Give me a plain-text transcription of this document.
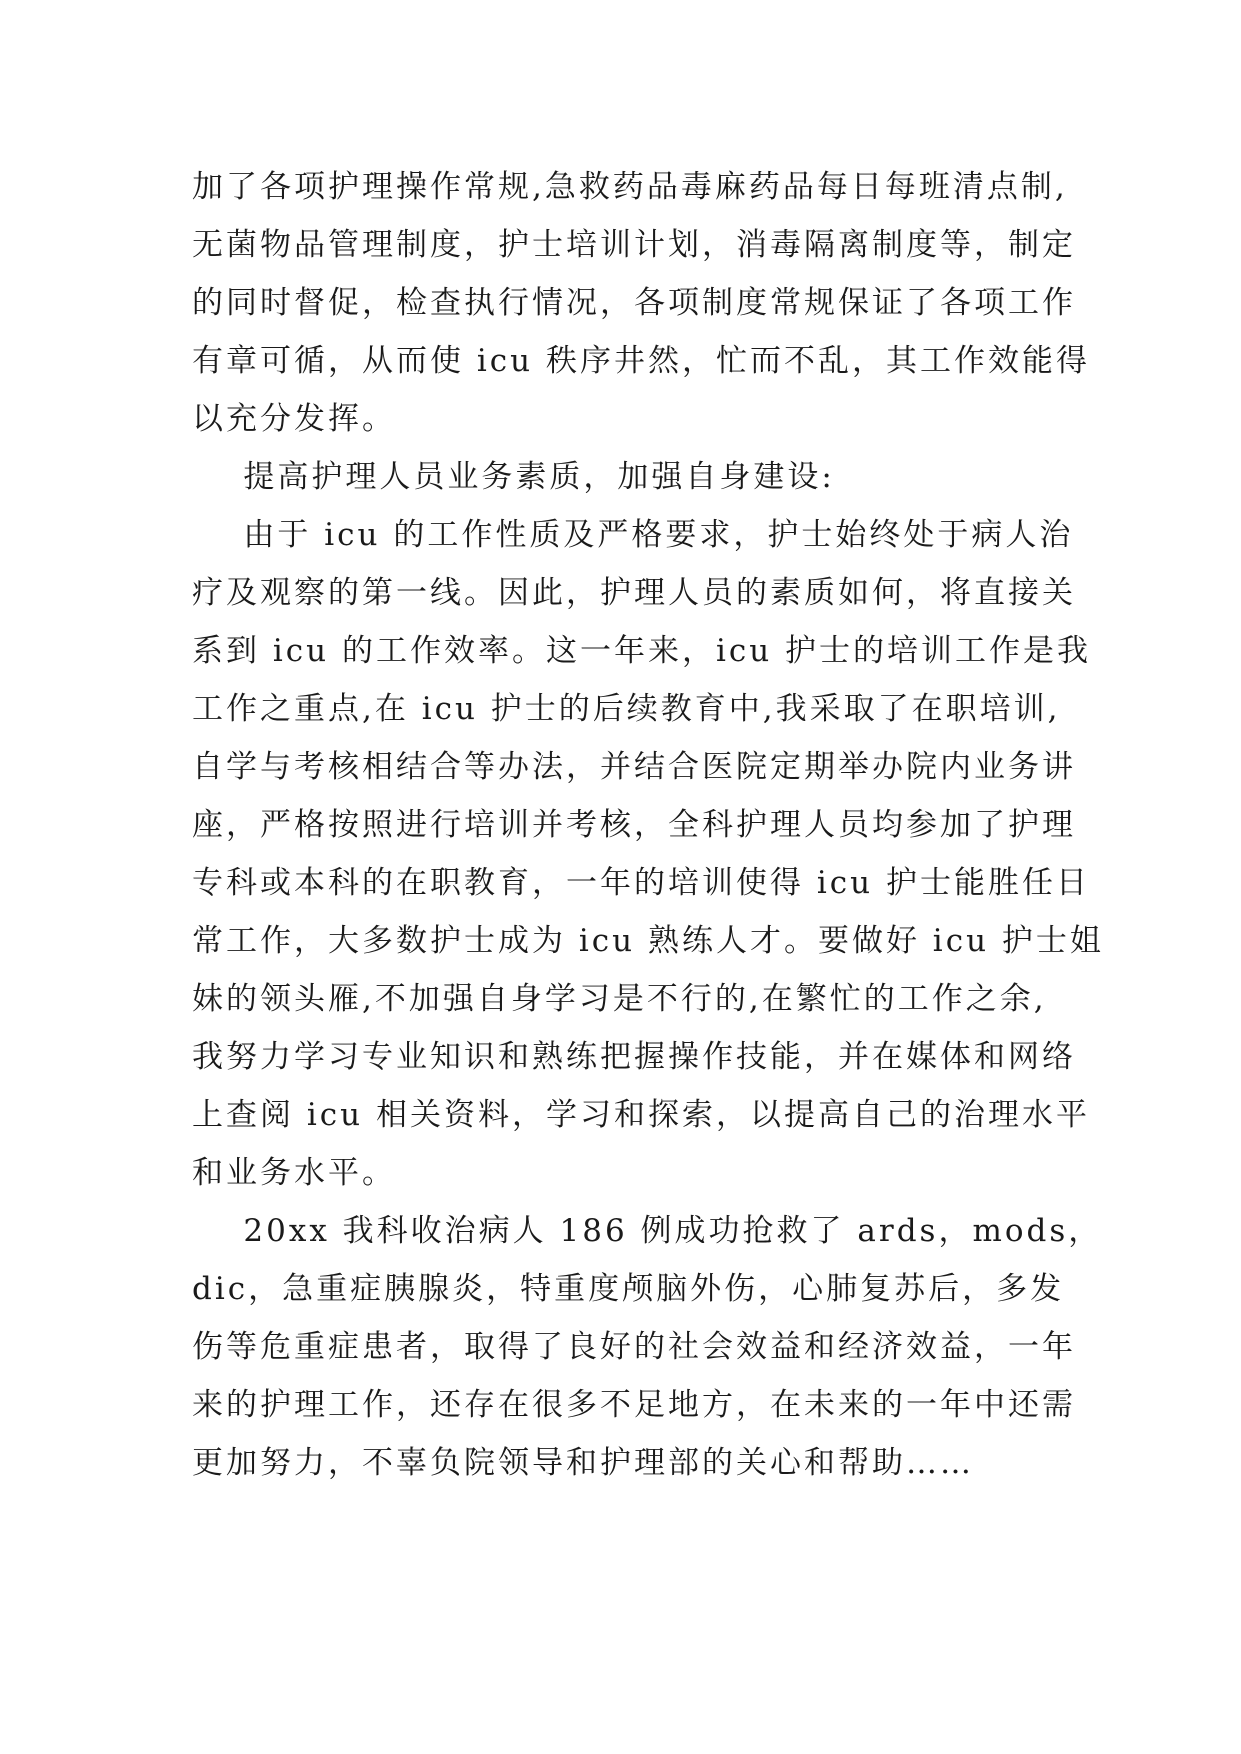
加了各项护理操作常规,急救药品毒麻药品每日每班清点制,
无菌物品管理制度，护士培训计划，消毒隔离制度等，制定
的同时督促，检查执行情况，各项制度常规保证了各项工作
有章可循，从而使 icu 秩序井然，忙而不乱，其工作效能得
以充分发挥。
提高护理人员业务素质，加强自身建设:
由于 icu 的工作性质及严格要求，护士始终处于病人治
疗及观察的第一线。因此，护理人员的素质如何，将直接关
系到 icu 的工作效率。这一年来，icu 护士的培训工作是我
工作之重点,在 icu 护士的后续教育中,我采取了在职培训,
自学与考核相结合等办法，并结合医院定期举办院内业务讲
座，严格按照进行培训并考核，全科护理人员均参加了护理
专科或本科的在职教育，一年的培训使得 icu 护士能胜任日
常工作，大多数护士成为 icu 熟练人才。要做好 icu 护士姐
妹的领头雁,不加强自身学习是不行的,在繁忙的工作之余,
我努力学习专业知识和熟练把握操作技能，并在媒体和网络
上查阅 icu 相关资料，学习和探索，以提高自己的治理水平
和业务水平。
20xx 我科收治病人 186 例成功抢救了 ards，mods，
dic，急重症胰腺炎，特重度颅脑外伤，心肺复苏后，多发
伤等危重症患者，取得了良好的社会效益和经济效益，一年
来的护理工作，还存在很多不足地方，在未来的一年中还需
更加努力，不辜负院领导和护理部的关心和帮助……
